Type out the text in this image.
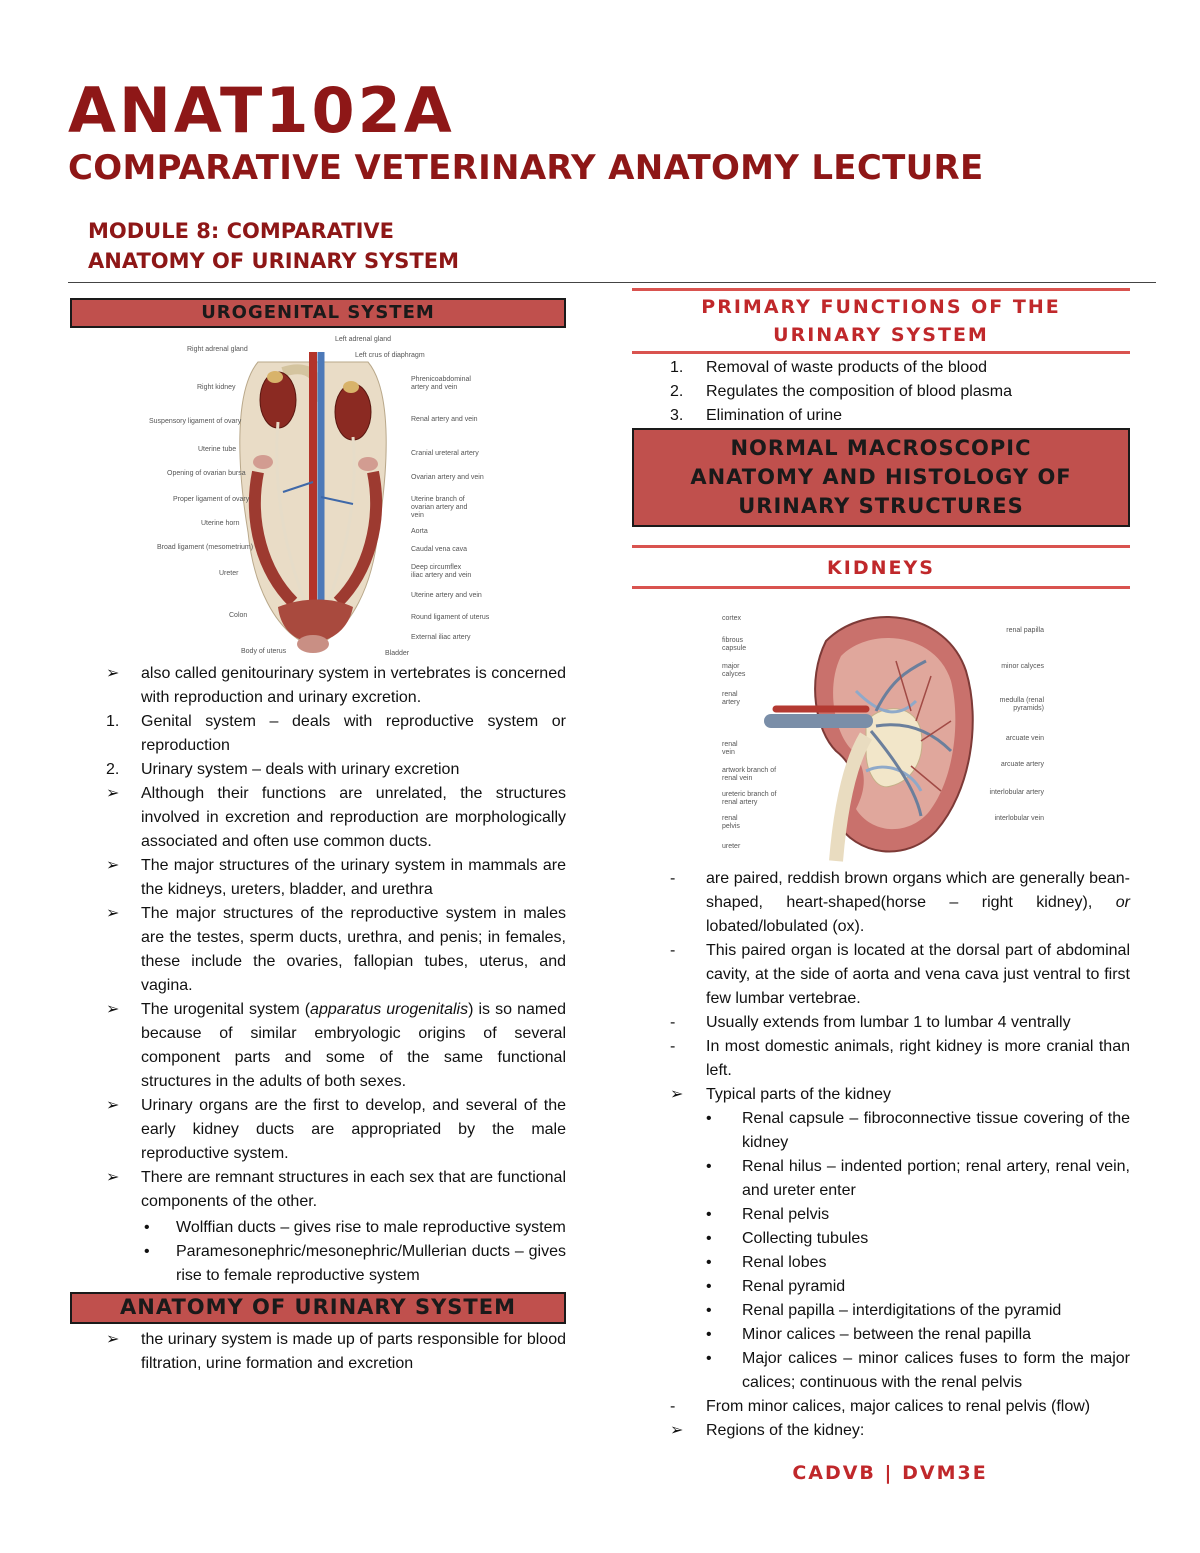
ANAT102A
COMPARATIVE VETERINARY ANATOMY LECTURE
MODULE 8: COMPARATIVE
ANATOMY OF URINARY SYSTEM
UROGENITAL SYSTEM
Right adrenal gland
Right kidney
Suspensory ligament of ovary
Uterine tube
Opening of ovarian bursa
Proper ligament of ovary
Uterine horn
Broad ligament (mesometrium)
Ureter
Colon
Body of uterus
Left adrenal gland
Left crus of diaphragm
Phrenicoabdominal artery and vein
Renal artery and vein
Cranial ureteral artery
Ovarian artery and vein
Uterine branch of ovarian artery and vein
Aorta
Caudal vena cava
Deep circumflex iliac artery and vein
Uterine artery and vein
Round ligament of uterus
External iliac artery
Bladder
➢	also called genitourinary system in vertebrates is concerned with reproduction and urinary excretion.
1.	Genital system – deals with reproductive system or reproduction
2.	Urinary system – deals with urinary excretion
➢	Although their functions are unrelated, the structures involved in excretion and reproduction are morphologically associated and often use common ducts.
➢	The major structures of the urinary system in mammals are the kidneys, ureters, bladder, and urethra
➢	The major structures of the reproductive system in males are the testes, sperm ducts, urethra, and penis; in females, these include the ovaries, fallopian tubes, uterus, and vagina.
➢	The urogenital system (apparatus urogenitalis) is so named because of similar embryologic origins of several component parts and some of the same functional structures in the adults of both sexes.
➢	Urinary organs are the first to develop, and several of the early kidney ducts are appropriated by the male reproductive system.
➢	There are remnant structures in each sex that are functional components of the other.
•	Wolffian ducts – gives rise to male reproductive system
•	Paramesonephric/mesonephric/Mullerian ducts – gives rise to female reproductive system
ANATOMY OF URINARY SYSTEM
➢	the urinary system is made up of parts responsible for blood filtration, urine formation and excretion
PRIMARY FUNCTIONS OF THE
URINARY SYSTEM
1.	Removal of waste products of the blood
2.	Regulates the composition of blood plasma
3.	Elimination of urine
NORMAL MACROSCOPIC
ANATOMY AND HISTOLOGY OF
URINARY STRUCTURES
KIDNEYS
cortex
fibrous capsule
major calyces
renal artery
renal vein
artwork branch of renal vein
ureteric branch of renal artery
renal pelvis
ureter
renal papilla
minor calyces
medulla (renal pyramids)
arcuate vein
arcuate artery
interlobular artery
interlobular vein
-	are paired, reddish brown organs which are generally bean-shaped, heart-shaped(horse – right kidney), or lobated/lobulated (ox).
-	This paired organ is located at the dorsal part of abdominal cavity, at the side of aorta and vena cava just ventral to first few lumbar vertebrae.
-	Usually extends from lumbar 1 to lumbar 4 ventrally
-	In most domestic animals, right kidney is more cranial than left.
➢	Typical parts of the kidney
•	Renal capsule – fibroconnective tissue covering of the kidney
•	Renal hilus – indented portion; renal artery, renal vein, and ureter enter
•	Renal pelvis
•	Collecting tubules
•	Renal lobes
•	Renal pyramid
•	Renal papilla – interdigitations of the pyramid
•	Minor calices – between the renal papilla
•	Major calices – minor calices fuses to form the major calices; continuous with the renal pelvis
-	From minor calices, major calices to renal pelvis (flow)
➢	Regions of the kidney:
CADVB | DVM3E
